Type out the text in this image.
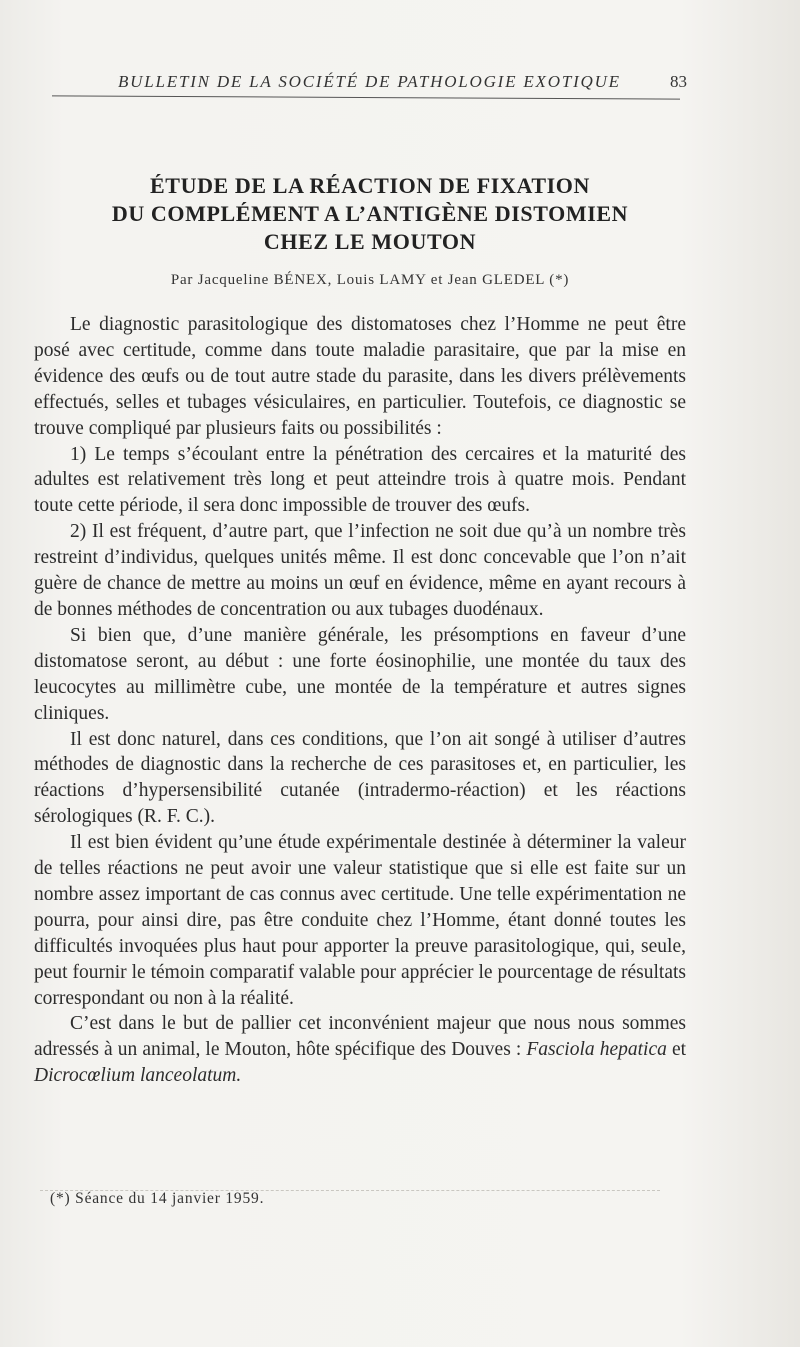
BULLETIN DE LA SOCIÉTÉ DE PATHOLOGIE EXOTIQUE	83
ÉTUDE DE LA RÉACTION DE FIXATION
DU COMPLÉMENT A L’ANTIGÈNE DISTOMIEN
CHEZ LE MOUTON
Par Jacqueline BÉNEX, Louis LAMY et Jean GLEDEL (*)

Le diagnostic parasitologique des distomatoses chez l’Homme ne peut être posé avec certitude, comme dans toute maladie parasitaire, que par la mise en évidence des œufs ou de tout autre stade du parasite, dans les divers prélèvements effectués, selles et tubages vésiculaires, en particulier. Toutefois, ce diagnostic se trouve compliqué par plusieurs faits ou possibilités :

1) Le temps s’écoulant entre la pénétration des cercaires et la maturité des adultes est relativement très long et peut atteindre trois à quatre mois. Pendant toute cette période, il sera donc impossible de trouver des œufs.

2) Il est fréquent, d’autre part, que l’infection ne soit due qu’à un nombre très restreint d’individus, quelques unités même. Il est donc concevable que l’on n’ait guère de chance de mettre au moins un œuf en évidence, même en ayant recours à de bonnes méthodes de concentration ou aux tubages duodénaux.

Si bien que, d’une manière générale, les présomptions en faveur d’une distomatose seront, au début : une forte éosinophilie, une montée du taux des leucocytes au millimètre cube, une montée de la température et autres signes cliniques.

Il est donc naturel, dans ces conditions, que l’on ait songé à utiliser d’autres méthodes de diagnostic dans la recherche de ces parasitoses et, en particulier, les réactions d’hypersensibilité cutanée (intradermo-réaction) et les réactions sérologiques (R. F. C.).

Il est bien évident qu’une étude expérimentale destinée à déterminer la valeur de telles réactions ne peut avoir une valeur statistique que si elle est faite sur un nombre assez important de cas connus avec certitude. Une telle expérimentation ne pourra, pour ainsi dire, pas être conduite chez l’Homme, étant donné toutes les difficultés invoquées plus haut pour apporter la preuve parasitologique, qui, seule, peut fournir le témoin comparatif valable pour apprécier le pourcentage de résultats correspondant ou non à la réalité.

C’est dans le but de pallier cet inconvénient majeur que nous nous sommes adressés à un animal, le Mouton, hôte spécifique des Douves : Fasciola hepatica et Dicrocœlium lanceolatum.

(*) Séance du 14 janvier 1959.
